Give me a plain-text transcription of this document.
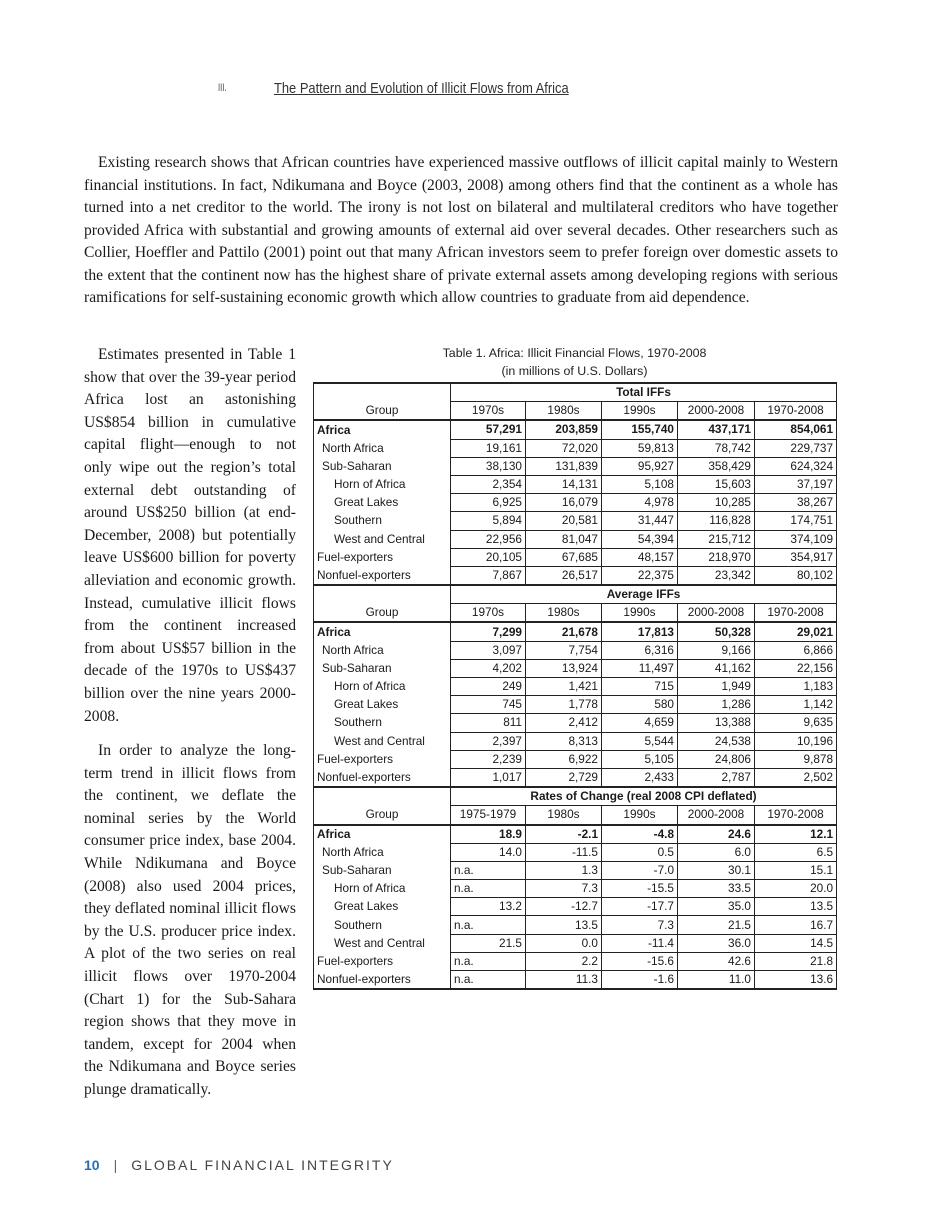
III.	The Pattern and Evolution of Illicit Flows from Africa

Existing research shows that African countries have experienced massive outflows of illicit capital mainly to Western financial institutions. In fact, Ndikumana and Boyce (2003, 2008) among others find that the continent as a whole has turned into a net creditor to the world. The irony is not lost on bilateral and multilateral creditors who have together provided Africa with substantial and growing amounts of external aid over several decades. Other researchers such as Collier, Hoeffler and Pattilo (2001) point out that many African investors seem to prefer foreign over domestic assets to the extent that the continent now has the highest share of private external assets among developing regions with serious ramifications for self-sustaining economic growth which allow countries to graduate from aid dependence.

Estimates presented in Table 1 show that over the 39-year period Africa lost an astonishing US$854 billion in cumulative capital flight—enough to not only wipe out the region’s total external debt outstanding of around US$250 billion (at end-December, 2008) but potentially leave US$600 billion for poverty alleviation and economic growth. Instead, cumulative illicit flows from the continent increased from about US$57 billion in the decade of the 1970s to US$437 billion over the nine years 2000-2008.

In order to analyze the long-term trend in illicit flows from the continent, we deflate the nominal series by the World consumer price index, base 2004. While Ndikumana and Boyce (2008) also used 2004 prices, they deflated nominal illicit flows by the U.S. producer price index. A plot of the two series on real illicit flows over 1970-2004 (Chart 1) for the Sub-Sahara region shows that they move in tandem, except for 2004 when the Ndikumana and Boyce series plunge dramatically.

Table 1. Africa: Illicit Financial Flows, 1970-2008
(in millions of U.S. Dollars)
	Total IFFs				
Group	1970s	1980s	1990s	2000-2008	1970-2008
Africa	57,291	203,859	155,740	437,171	854,061
North Africa	19,161	72,020	59,813	78,742	229,737
Sub-Saharan	38,130	131,839	95,927	358,429	624,324
Horn of Africa	2,354	14,131	5,108	15,603	37,197
Great Lakes	6,925	16,079	4,978	10,285	38,267
Southern	5,894	20,581	31,447	116,828	174,751
West and Central	22,956	81,047	54,394	215,712	374,109
Fuel-exporters	20,105	67,685	48,157	218,970	354,917
Nonfuel-exporters	7,867	26,517	22,375	23,342	80,102
	Average IFFs				
Group	1970s	1980s	1990s	2000-2008	1970-2008
Africa	7,299	21,678	17,813	50,328	29,021
North Africa	3,097	7,754	6,316	9,166	6,866
Sub-Saharan	4,202	13,924	11,497	41,162	22,156
Horn of Africa	249	1,421	715	1,949	1,183
Great Lakes	745	1,778	580	1,286	1,142
Southern	811	2,412	4,659	13,388	9,635
West and Central	2,397	8,313	5,544	24,538	10,196
Fuel-exporters	2,239	6,922	5,105	24,806	9,878
Nonfuel-exporters	1,017	2,729	2,433	2,787	2,502
	Rates of Change (real 2008 CPI deflated)				
Group	1975-1979	1980s	1990s	2000-2008	1970-2008
Africa	18.9	-2.1	-4.8	24.6	12.1
North Africa	14.0	-11.5	0.5	6.0	6.5
Sub-Saharan	n.a.	1.3	-7.0	30.1	15.1
Horn of Africa	n.a.	7.3	-15.5	33.5	20.0
Great Lakes	13.2	-12.7	-17.7	35.0	13.5
Southern	n.a.	13.5	7.3	21.5	16.7
West and Central	21.5	0.0	-11.4	36.0	14.5
Fuel-exporters	n.a.	2.2	-15.6	42.6	21.8
Nonfuel-exporters	n.a.	11.3	-1.6	11.0	13.6
10 | GLOBAL FINANCIAL INTEGRITY
